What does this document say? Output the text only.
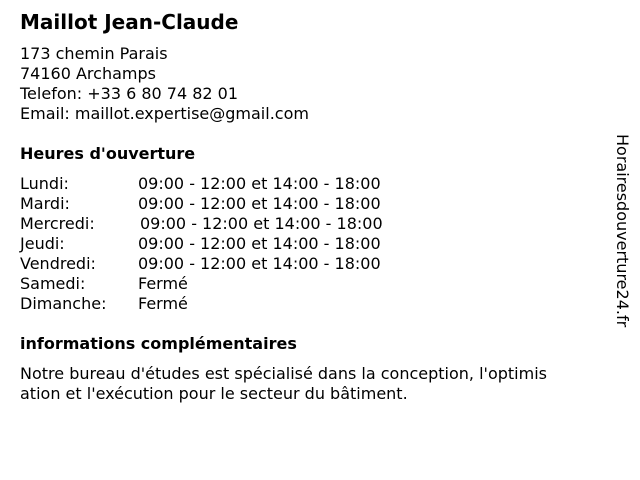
Maillot Jean-Claude
173 chemin Parais
74160 Archamps
Telefon: +33 6 80 74 82 01
Email: maillot.expertise@gmail.com
Heures d'ouverture
Lundi:	09:00 - 12:00 et 14:00 - 18:00
Mardi:	09:00 - 12:00 et 14:00 - 18:00
Mercredi:	09:00 - 12:00 et 14:00 - 18:00
Jeudi:	09:00 - 12:00 et 14:00 - 18:00
Vendredi:	09:00 - 12:00 et 14:00 - 18:00
Samedi:	Fermé
Dimanche: Fermé
informations complémentaires
Notre bureau d'études est spécialisé dans la conception, l'optimisation et l'exécution pour le secteur du bâtiment.
Horairesdouverture24.fr
